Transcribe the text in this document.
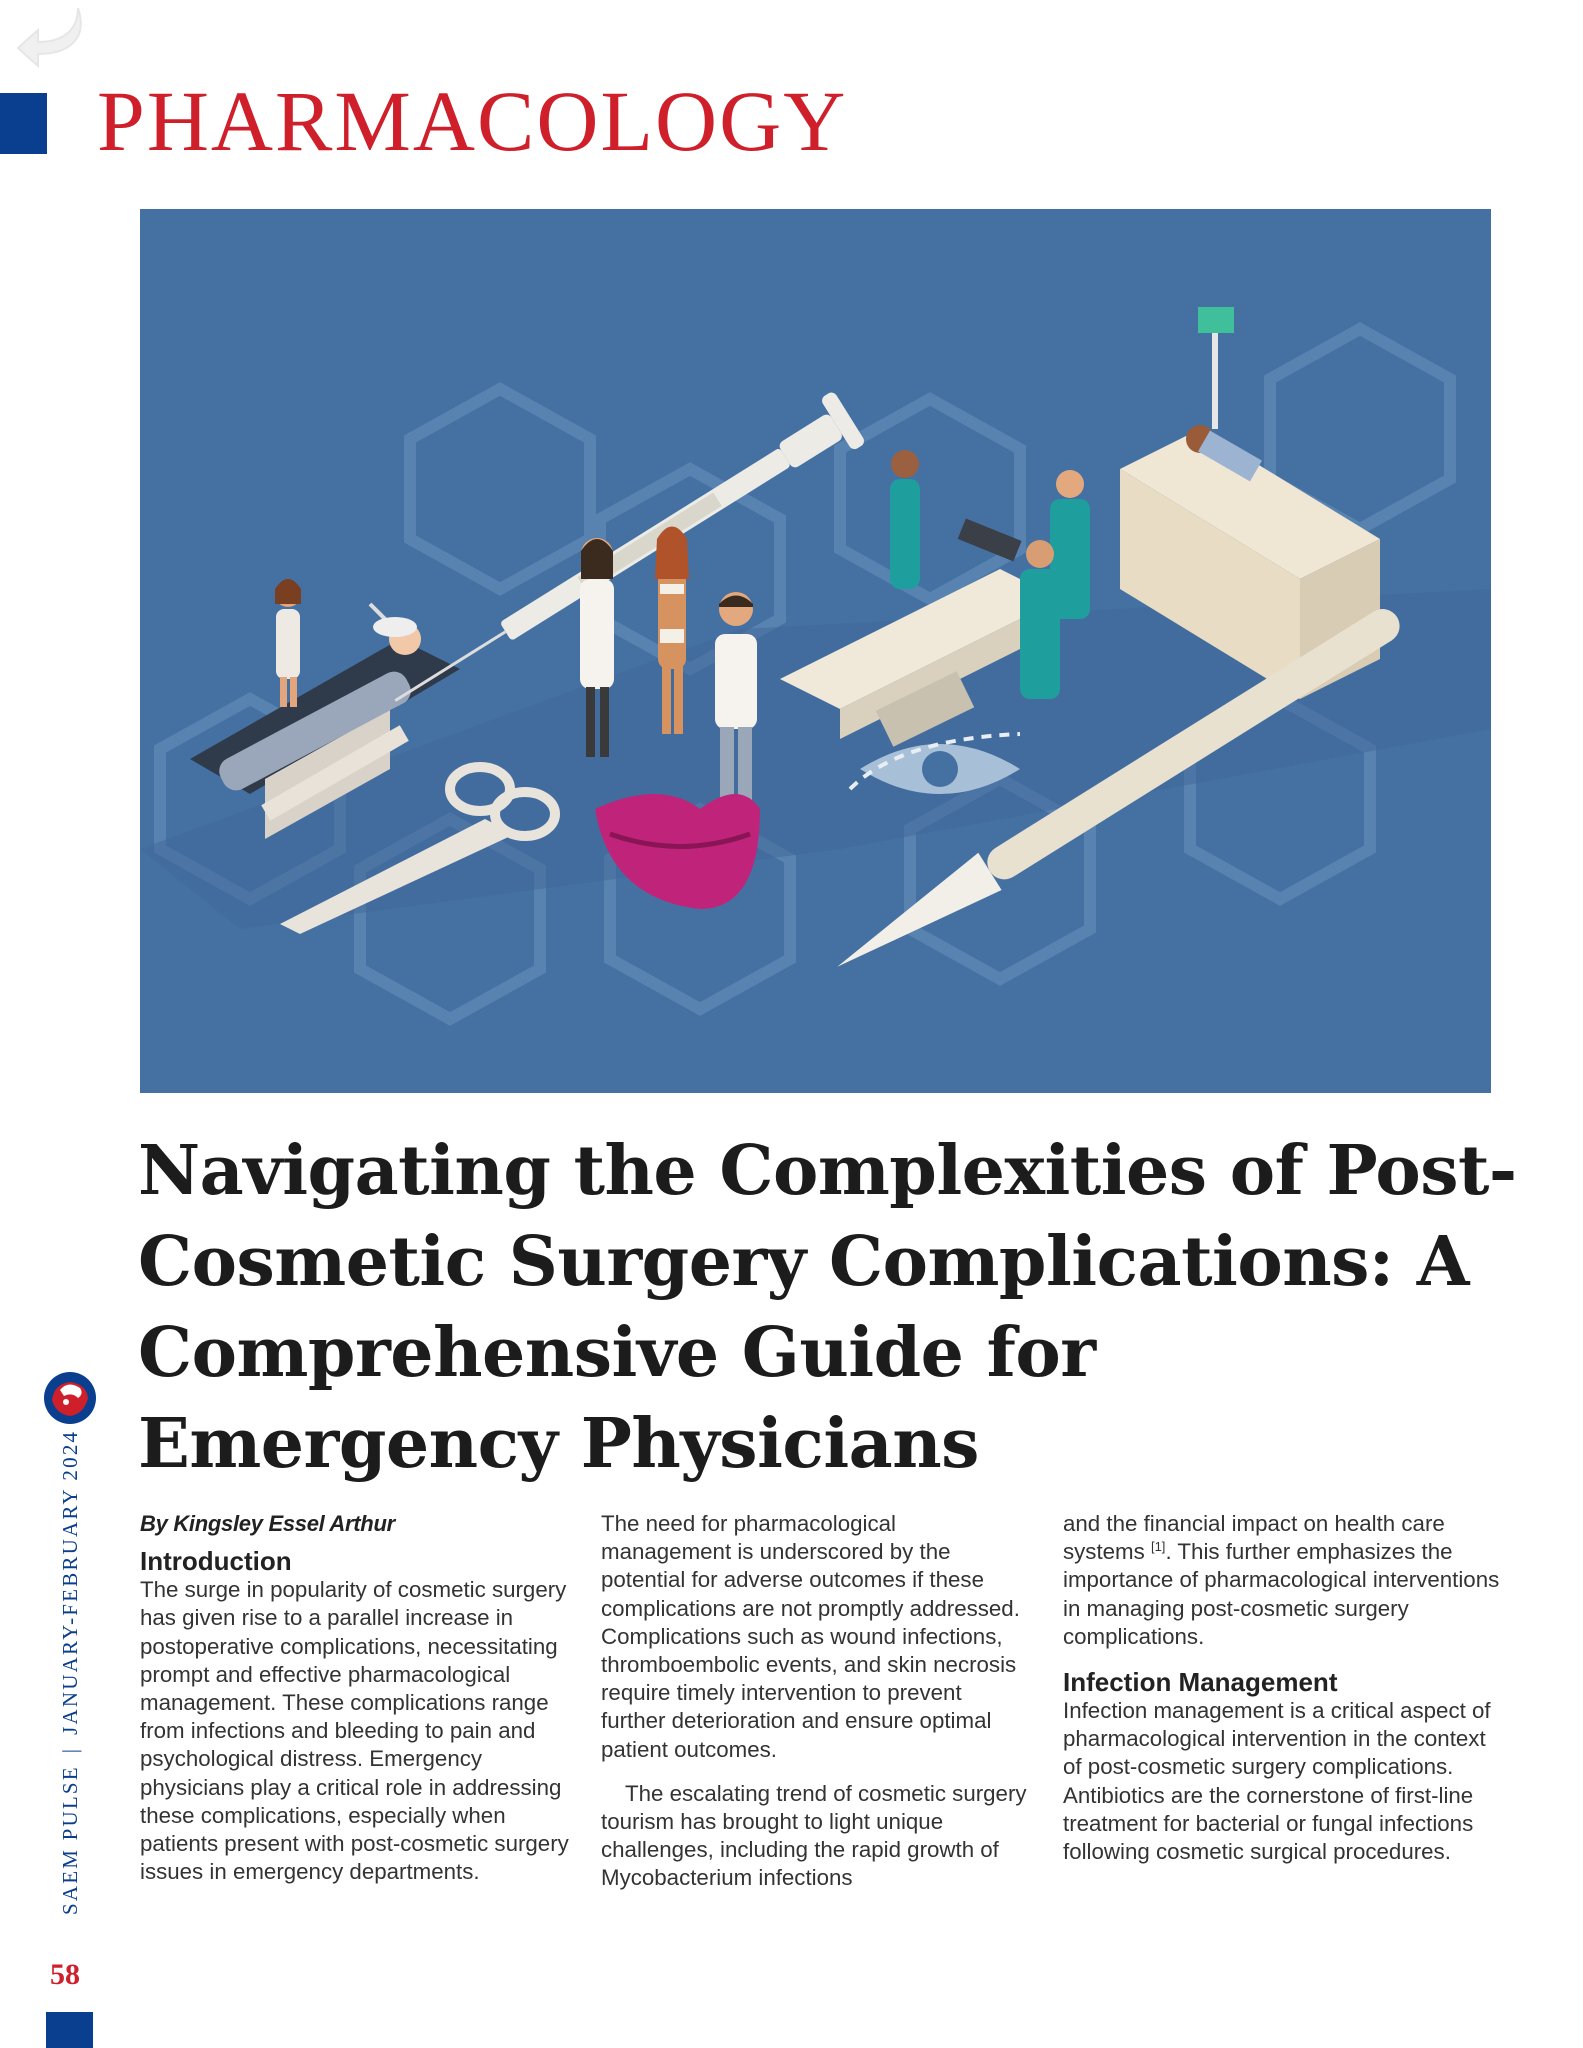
PHARMACOLOGY
Navigating the Complexities of Post-Cosmetic Surgery Complications: A Comprehensive Guide for Emergency Physicians
By Kingsley Essel Arthur
Introduction

The surge in popularity of cosmetic surgery has given rise to a parallel increase in postoperative complications, necessitating prompt and effective pharmacological management. These complications range from infections and bleeding to pain and psychological distress. Emergency physicians play a critical role in addressing these complications, especially when patients present with post-cosmetic surgery issues in emergency departments.

The need for pharmacological management is underscored by the potential for adverse outcomes if these complications are not promptly addressed. Complications such as wound infections, thromboembolic events, and skin necrosis require timely intervention to prevent further deterioration and ensure optimal patient outcomes.

The escalating trend of cosmetic surgery tourism has brought to light unique challenges, including the rapid growth of Mycobacterium infections

and the financial impact on health care systems [1]. This further emphasizes the importance of pharmacological interventions in managing post-cosmetic surgery complications.

Infection Management

Infection management is a critical aspect of pharmacological intervention in the context of post-cosmetic surgery complications. Antibiotics are the cornerstone of first-line treatment for bacterial or fungal infections following cosmetic surgical procedures.

SAEM PULSE|JANUARY-FEBRUARY 2024
58
